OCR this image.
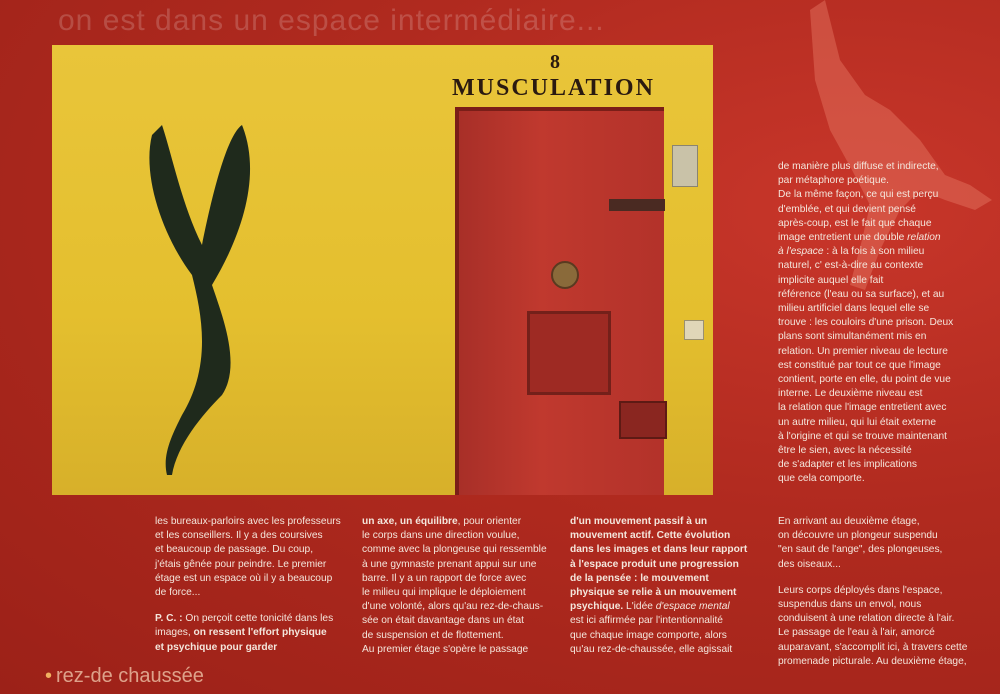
on est dans un espace intermédiaire...
8
MUSCULATION

de manière plus diffuse et indirecte,
par métaphore poétique.
De la même façon, ce qui est perçu
d'emblée, et qui devient pensé
après-coup, est le fait que chaque
image entretient une double relation
à l'espace : à la fois à son milieu
naturel, c' est-à-dire au contexte
implicite auquel elle fait
référence (l'eau ou sa surface), et au
milieu artificiel dans lequel elle se
trouve : les couloirs d'une prison. Deux
plans sont simultanément mis en
relation. Un premier niveau de lecture
est constitué par tout ce que l'image
contient, porte en elle, du point de vue
interne. Le deuxième niveau est
la relation que l'image entretient avec
un autre milieu, qui lui était externe
à l'origine et qui se trouve maintenant
être le sien, avec la nécessité
de s'adapter et les implications
que cela comporte.

les bureaux-parloirs avec les professeurs
et les conseillers. Il y a des coursives
et beaucoup de passage. Du coup,
j'étais gênée pour peindre. Le premier
étage est un espace où il y a beaucoup
de force...

P. C. : On perçoit cette tonicité dans les
images, on ressent l'effort physique
et psychique pour garder

un axe, un équilibre, pour orienter
le corps dans une direction voulue,
comme avec la plongeuse qui ressemble
à une gymnaste prenant appui sur une
barre. Il y a un rapport de force avec
le milieu qui implique le déploiement
d'une volonté, alors qu'au rez-de-chaus-
sée on était davantage dans un état
de suspension et de flottement.
Au premier étage s'opère le passage

d'un mouvement passif à un
mouvement actif. Cette évolution
dans les images et dans leur rapport
à l'espace produit une progression
de la pensée : le mouvement
physique se relie à un mouvement
psychique. L'idée d'espace mental
est ici affirmée par l'intentionnalité
que chaque image comporte, alors
qu'au rez-de-chaussée, elle agissait

En arrivant au deuxième étage,
on découvre un plongeur suspendu
"en saut de l'ange", des plongeuses,
des oiseaux...

Leurs corps déployés dans l'espace,
suspendus dans un envol, nous
conduisent à une relation directe à l'air.
Le passage de l'eau à l'air, amorcé
auparavant, s'accomplit ici, à travers cette
promenade picturale. Au deuxième étage,

• rez-de chaussée
